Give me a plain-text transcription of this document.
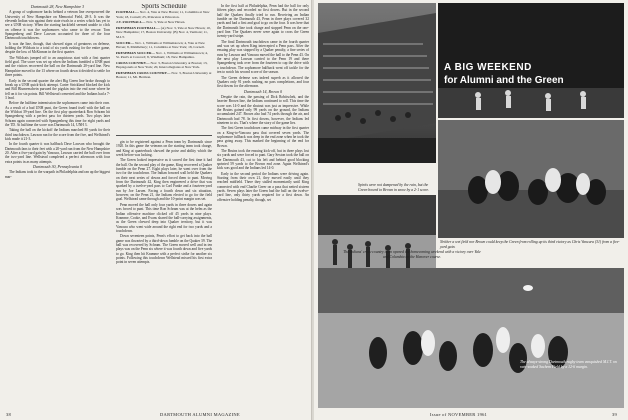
Dartmouth 28, New Hampshire 3

A group of sophomore backs behind a veteran line overpowered the University of New Hampshire on Memorial Field, 28-3. It was the eleventh Indian win against their state rivals in a series which has yet to see a UNH victory. When the starting backfield seemed unable to click on offense it was the sophomores who came to the rescue. Tom Spangenberg and Dave Lawson accounted for three of the four Dartmouth touchdowns.

It was the line, though, that showed signs of greatness on defense, holding the Wildcats to a total of six yards rushing for the entire game, despite the loss of McKinnon in the first quarter.

The Wildcats jumped off to an auspicious start with a first quarter field goal. The score was set up when the Indians fumbled a UNH punt and the visitors recovered the ball on the Dartmouth 20-yard line. New Hampshire moved to the 13 where on fourth down it decided to settle for three points.

Early in the second quarter the alert Big Green line broke through to break up a UNH quick-kick attempt. Carter Strickland blocked the kick and Bill Blumenschein pursued the pigskin into the end zone where he fell on it for six points. Bill Wellstead converted and the Indians had a 7-3 lead.

Before the halftime intermission the sophomores came into their own. As a result of a bad UNH punt, the Green found itself with the ball on the Wildcat 39-yard line. On the first play quarterback Ron Schram hit Spangenberg with a perfect pass for thirteen yards. Two plays later Schram again connected with Spangenberg this time for eight yards and the TD. At halftime the score was Dartmouth 14, UNH 3.

Taking the ball on the kickoff the Indians marched 80 yards for their third touchdown. Lawson ran for the score from the five, and Wellstead's kick made it 21-3.

In the fourth quarter it was halfback Dave Lawson who brought the Dartmouth fans to their feet with a 20-yard run from the New Hampshire 20. After a five-yard gain by Vancura, Lawson carried the ball over from the two-yard line. Wellstead completed a perfect afternoon with four extra points in as many attempts.

Dartmouth 30, Pennsylvania 0

The Indians took to the warpath in Philadelphia and ran up the biggest mar-

Sports Schedule

FOOTBALL— Nov. 4, Yale at New Haven; 11, Columbia at New York; 18, Cornell; 25, Princeton at Princeton.

J.V. FOOTBALL— Nov. 3, Yale at New Haven.

FRESHMAN FOOTBALL— (A) Nov. 3, Yale at New Haven; 10, New Hampshire; 17, Boston University. (B) Nov. 4, Vermont; 11, M.I.T.

SOCCER— Nov. 1, Williams at Williamstown; 4, Yale at New Haven; 8, Middlebury; 11, Columbia at New York; 18, Cornell.

FRESHMAN SOCCER— Nov. 1, Williams at Williamstown; 4, St. Paul's at Concord; 8, Windham; 18, New Hampshire.

CROSS COUNTRY— Nov. 3, Boston University at Boston; 13, Heptagonals at New York; 20, Intercollegiates at New York.

FRESHMAN CROSS COUNTRY— Nov. 3, Boston University at Boston; 11, Mt. Hermon.

gin to be registered against a Penn team by Dartmouth since 1920. In this game the veterans on the starting team took charge, and King at quarterback showed the poise and ability which the week before was lacking.

The Green looked impressive as it scored the first time it had the ball. On the second play of the game, King recovered a Quaker fumble on the Penn 27. Eight plays later, he went over from the two for the touchdown. The Indian forward wall held the Quakers on their next series of downs and forced them to punt. Moving from the Dartmouth 42, King then engineered a drive that was sparked by a twelve-yard pass to Carl Funke and a fourteen-yard run by Joe Larsen. Facing a fourth down and six situation, however, on the Penn 21, the Indians elected to go for the field goal. Wellstead came through and the 10-point margin was set.

Penn moved the ball only four yards in three downs and again was forced to punt. This time Ron Schram was at the helm as the Indian offensive machine clicked off 45 yards in nine plays. Kramme, Cooke, and Evans shared the ball-carrying assignments, as the Green chewed deep into Quaker territory, but it was Vancura who went wide around the right end for two yards and a touchdown.

Down seventeen points, Penn's effort to get back into the ball game was thwarted by a third-down fumble on the Quaker 39. The ball was recovered by Schram. The Green moved well and in ten plays was on the Penn six where it was fourth down and five yards to go. King then hit Kramme with a perfect strike for another six points. Following this touchdown Wellstead missed his first extra point in seven attempts.

In the first half at Philadelphia, Penn had the ball for only fifteen plays and recorded no first downs. But in the second half the Quakers finally tried to run. Receiving an Indian fumble on the Dartmouth 43, Penn in three plays covered 32 yards and had a first and goal to go on the four. It was here that the Dartmouth line took charge and stopped Penn on the one-yard line. The Quakers never were again to cross the Green twenty-yard stripe.

The final Dartmouth touchdown came in the fourth quarter and was set up when King intercepted a Penn pass. After the ensuing play was stopped by a Quaker penalty, a fine series of runs by Lawson and Vancura moved the ball to the Penn 43. On the next play Lawson carried to the Penn 19 and there Spangenberg took over from the fourteen to cap the drive with a touchdown. The sophomore halfback went off tackle for the ten to notch his second score of the season.

The Green defense was indeed superb as it allowed the Quakers only 91 yards rushing, no pass completions, and four first downs for the afternoon.

Dartmouth 14, Brown 0

Despite the rain, the passing of Dick Robitschek, and the heavier Brown line, the Indians continued to roll. This time the score was 14-0 and the shutout was just as impressive. While the Bruins gained only 99 yards on the ground, the Indians accumulated 247. Brown also had 74 yards through the air, and Dartmouth had 78. In first downs, however, the Indians led nineteen to six. That's where the story of the game lies.

The first Green touchdown came midway in the first quarter on a King-to-Vancura pass that covered seven yards. The sophomore fullback was deep in the end zone when he took the pass going away. This marked the beginning of the end for Brown.

The Bruins took the ensuing kick-off, but in three plays lost six yards and were forced to punt. Gary Sexton took the ball on the Dartmouth 43, cut to his left and behind good blocking sprinted 59 yards to the Brown end zone. Again Wellstead's kick was good and the Indians led 14-0.

Early in the second period the Indians were driving again. Starting from their own 21, they moved easily until they reached midfield. There they stalled momentarily until King connected with end Charlie Greer on a pass that netted sixteen yards. Seven plays later the Green had the ball on the twelve-yard line, only thirty yards required for a first down. An offensive holding penalty, though, set

38	DARTMOUTH ALUMNI MAGAZINE
A BIG WEEKEND
for Alumni and the Green
Spirits were not dampened by the rain, but the Green bowed to Brown in snow by a 2-1 score.
Neither a wet field nor Brown could keep the Green from rolling up its third victory as Chris Vancura (31) from a five-yard gain.
The Indians' cross-country team opened the homecoming weekend with a victory over Yale and Columbia on the Hanover course.
The always-strong Dartmouth rugby team vanquished M.I.T. on rain-soaked Sachem Field by a 12-6 margin.
Issue of NOVEMBER 1961	39
